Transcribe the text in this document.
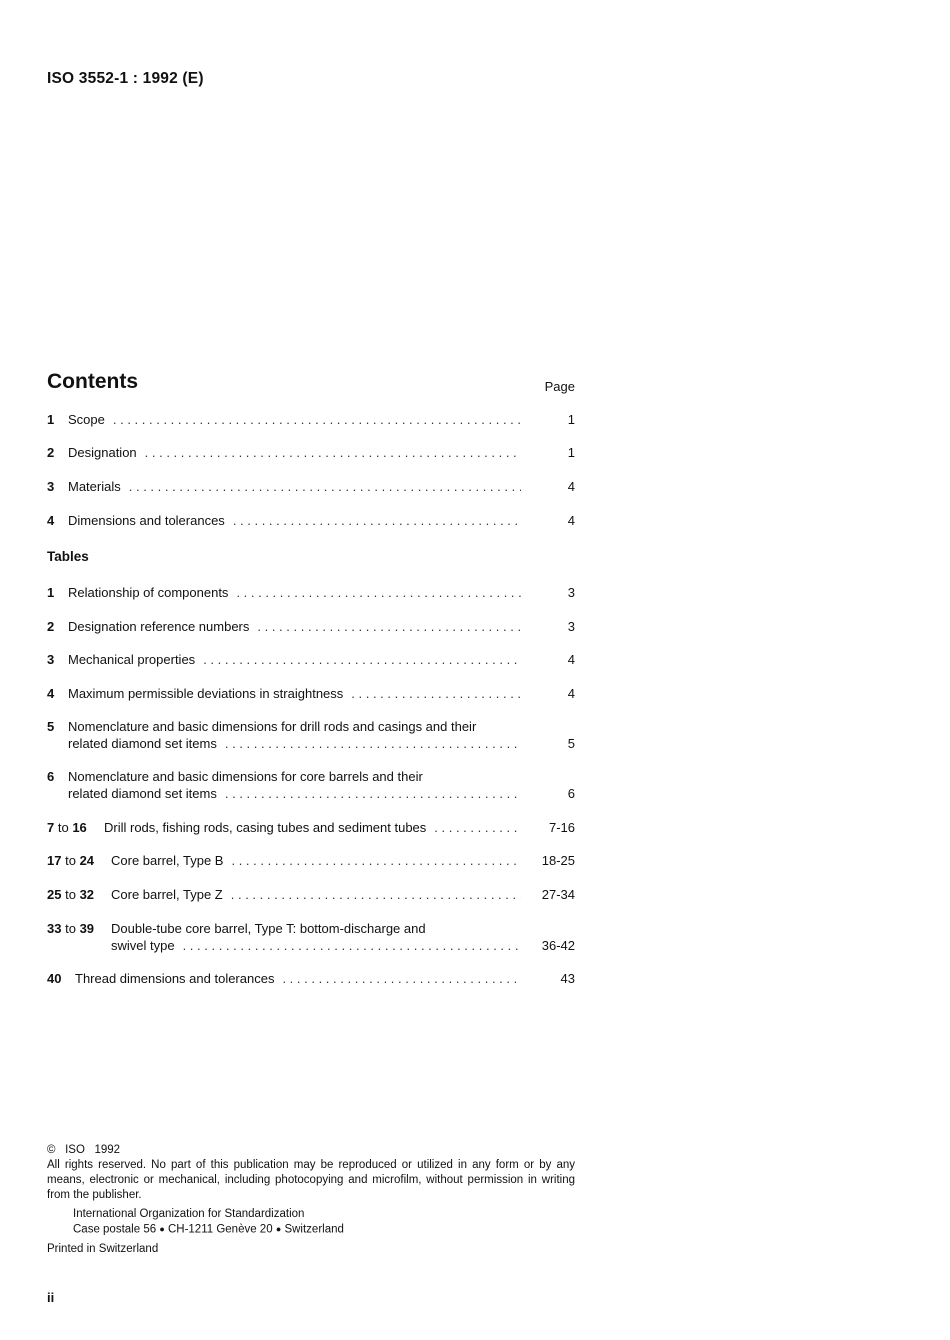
ISO 3552-1 : 1992 (E)
Contents	Page
1	Scope . . .	1
2	Designation . . .	1
3	Materials . . .	4
4	Dimensions and tolerances . . .	4
Tables
1	Relationship of components . . .	3
2	Designation reference numbers . . .	3
3	Mechanical properties . . .	4
4	Maximum permissible deviations in straightness . . .	4
5	Nomenclature and basic dimensions for drill rods and casings and their
related diamond set items . . .	5
6	Nomenclature and basic dimensions for core barrels and their
related diamond set items . . .	6
7 to 16	Drill rods, fishing rods, casing tubes and sediment tubes . . .	7-16
17 to 24	Core barrel, Type B . . .	18-25
25 to 32	Core barrel, Type Z . . .	27-34
33 to 39	Double-tube core barrel, Type T: bottom-discharge and
swivel type . . .	36-42
40	Thread dimensions and tolerances . . .	43

© ISO 1992

All rights reserved. No part of this publication may be reproduced or utilized in any form or by any means, electronic or mechanical, including photocopying and microfilm, without permission in writing from the publisher.

International Organization for Standardization

Case postale 56 ● CH-1211 Genève 20 ● Switzerland

Printed in Switzerland

ii
